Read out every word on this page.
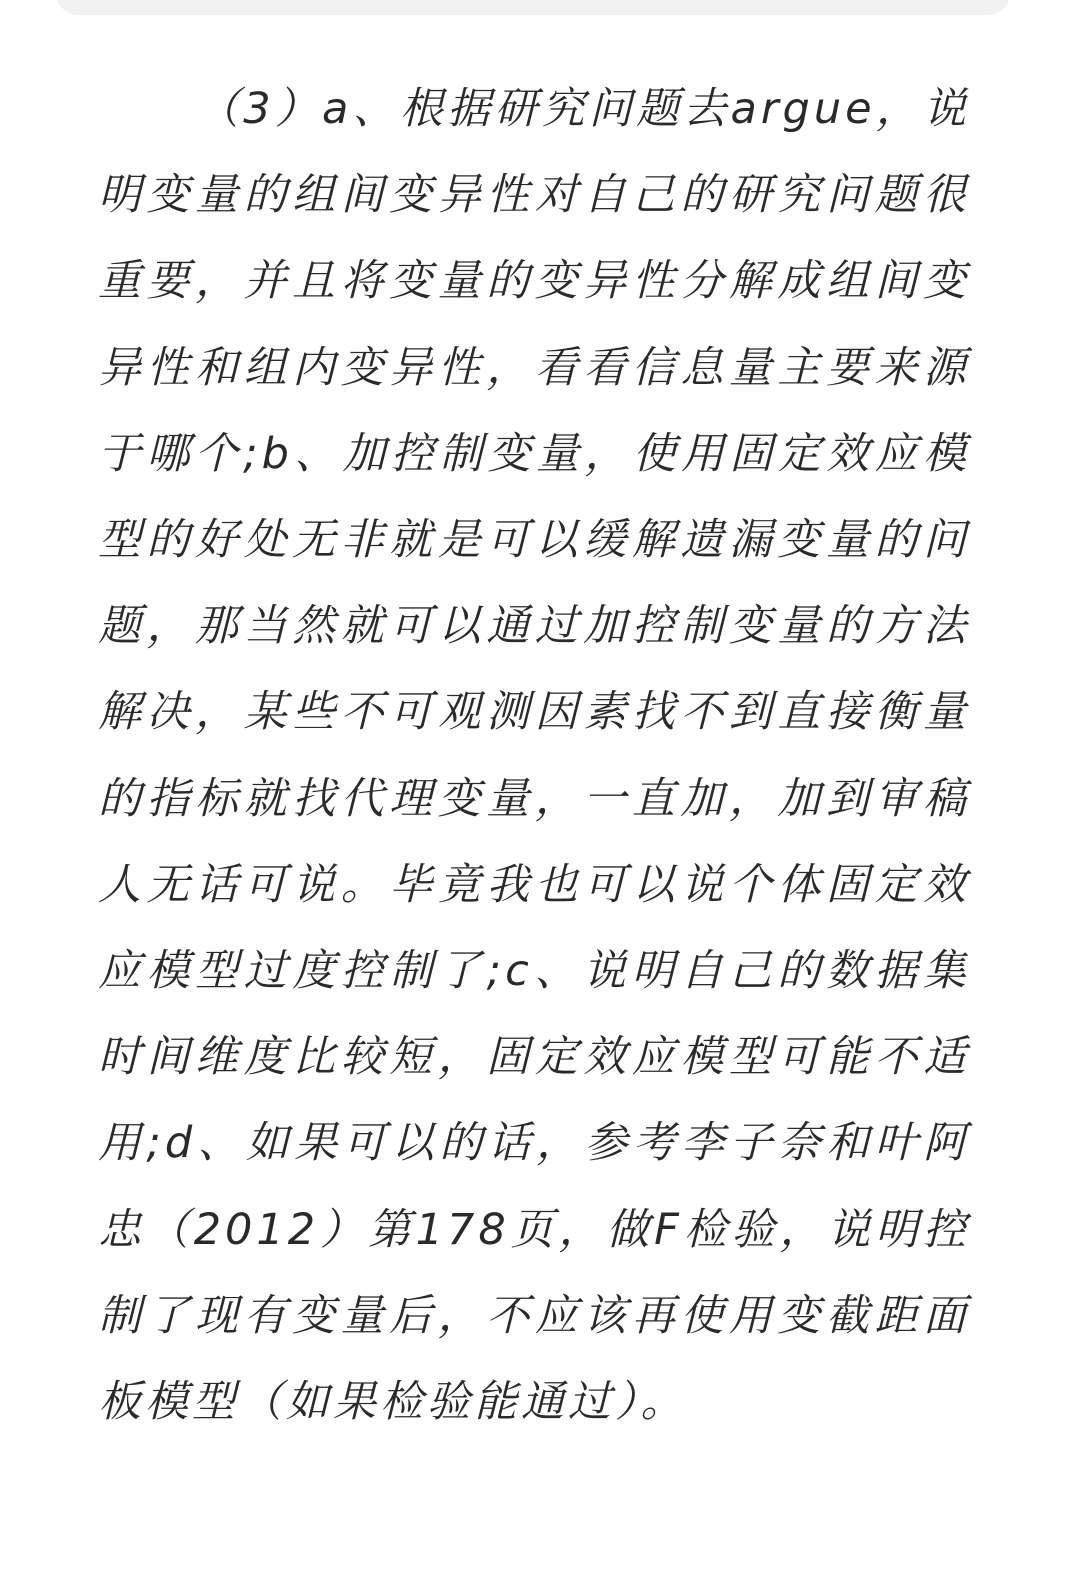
（3）a、根据研究问题去argue，说明变量的组间变异性对自己的研究问题很重要，并且将变量的变异性分解成组间变异性和组内变异性，看看信息量主要来源于哪个;b、加控制变量，使用固定效应模型的好处无非就是可以缓解遗漏变量的问题，那当然就可以通过加控制变量的方法解决，某些不可观测因素找不到直接衡量的指标就找代理变量，一直加，加到审稿人无话可说。毕竟我也可以说个体固定效应模型过度控制了;c、说明自己的数据集时间维度比较短，固定效应模型可能不适用;d、如果可以的话，参考李子奈和叶阿忠（2012）第178页，做F检验，说明控制了现有变量后，不应该再使用变截距面板模型（如果检验能通过）。
